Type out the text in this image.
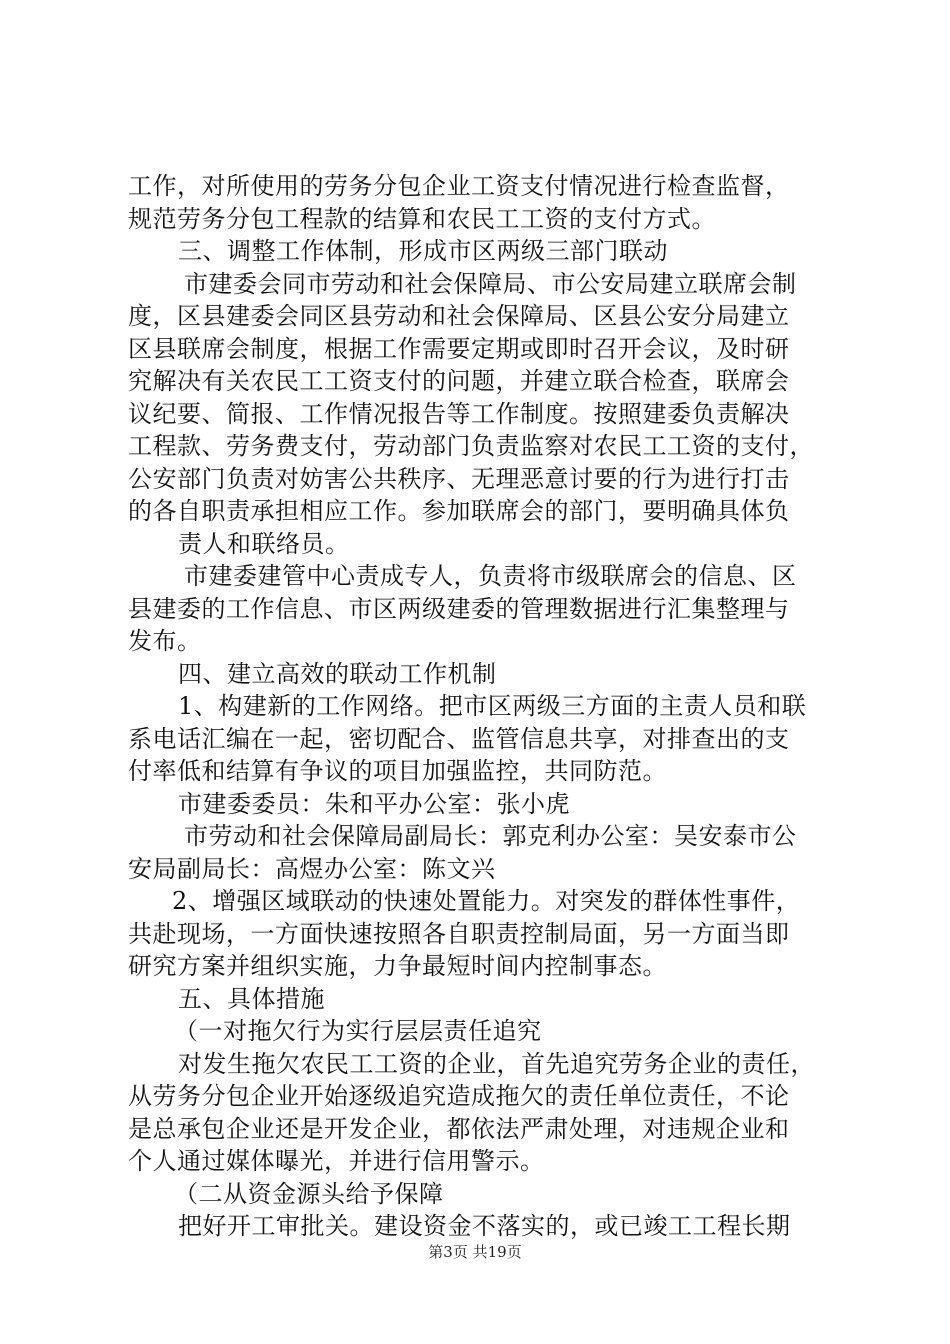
工作，对所使用的劳务分包企业工资支付情况进行检查监督，
规范劳务分包工程款的结算和农民工工资的支付方式。
三、调整工作体制，形成市区两级三部门联动
市建委会同市劳动和社会保障局、市公安局建立联席会制
度，区县建委会同区县劳动和社会保障局、区县公安分局建立
区县联席会制度，根据工作需要定期或即时召开会议，及时研
究解决有关农民工工资支付的问题，并建立联合检查，联席会
议纪要、简报、工作情况报告等工作制度。按照建委负责解决
工程款、劳务费支付，劳动部门负责监察对农民工工资的支付，
公安部门负责对妨害公共秩序、无理恶意讨要的行为进行打击
的各自职责承担相应工作。参加联席会的部门，要明确具体负
责人和联络员。
市建委建管中心责成专人，负责将市级联席会的信息、区
县建委的工作信息、市区两级建委的管理数据进行汇集整理与
发布。
四、建立高效的联动工作机制
1、构建新的工作网络。把市区两级三方面的主责人员和联
系电话汇编在一起，密切配合、监管信息共享，对排查出的支
付率低和结算有争议的项目加强监控，共同防范。
市建委委员：朱和平办公室：张小虎
市劳动和社会保障局副局长：郭克利办公室：吴安泰市公
安局副局长：高煜办公室：陈文兴
2、增强区域联动的快速处置能力。对突发的群体性事件，
共赴现场，一方面快速按照各自职责控制局面，另一方面当即
研究方案并组织实施，力争最短时间内控制事态。
五、具体措施
（一对拖欠行为实行层层责任追究
对发生拖欠农民工工资的企业，首先追究劳务企业的责任，
从劳务分包企业开始逐级追究造成拖欠的责任单位责任，不论
是总承包企业还是开发企业，都依法严肃处理，对违规企业和
个人通过媒体曝光，并进行信用警示。
（二从资金源头给予保障
把好开工审批关。建设资金不落实的，或已竣工工程长期
第3页 共19页
